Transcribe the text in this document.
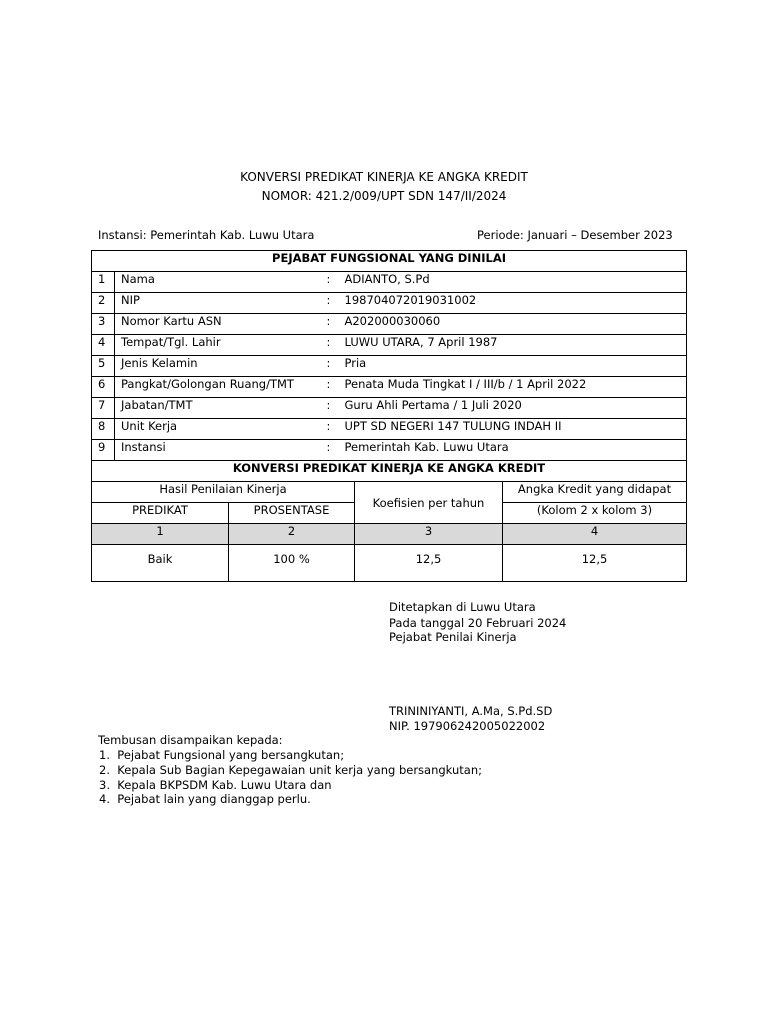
KONVERSI PREDIKAT KINERJA KE ANGKA KREDIT
NOMOR: 421.2/009/UPT SDN 147/II/2024
Instansi: Pemerintah Kab. Luwu Utara	Periode: Januari – Desember 2023
PEJABAT FUNGSIONAL YANG DINILAI			
1	Nama	:	ADIANTO, S.Pd
2	NIP	:	198704072019031002
3	Nomor Kartu ASN	:	A202000030060
4	Tempat/Tgl. Lahir	:	LUWU UTARA, 7 April 1987
5	Jenis Kelamin	:	Pria
6	Pangkat/Golongan Ruang/TMT	:	Penata Muda Tingkat I / III/b / 1 April 2022
7	Jabatan/TMT	:	Guru Ahli Pertama / 1 Juli 2020
8	Unit Kerja	:	UPT SD NEGERI 147 TULUNG INDAH II
9	Instansi	:	Pemerintah Kab. Luwu Utara
KONVERSI PREDIKAT KINERJA KE ANGKA KREDIT			
Hasil Penilaian Kinerja		Koefisien per tahun	Angka Kredit yang didapat
PREDIKAT	PROSENTASE		(Kolom 2 x kolom 3)
1	2	3	4
Baik	100 %	12,5	12,5
Ditetapkan di Luwu Utara
Pada tanggal 20 Februari 2024
Pejabat Penilai Kinerja
TRININIYANTI, A.Ma, S.Pd.SD
NIP. 197906242005022002
Tembusan disampaikan kepada:
1. Pejabat Fungsional yang bersangkutan;
2. Kepala Sub Bagian Kepegawaian unit kerja yang bersangkutan;
3. Kepala BKPSDM Kab. Luwu Utara dan
4. Pejabat lain yang dianggap perlu.
